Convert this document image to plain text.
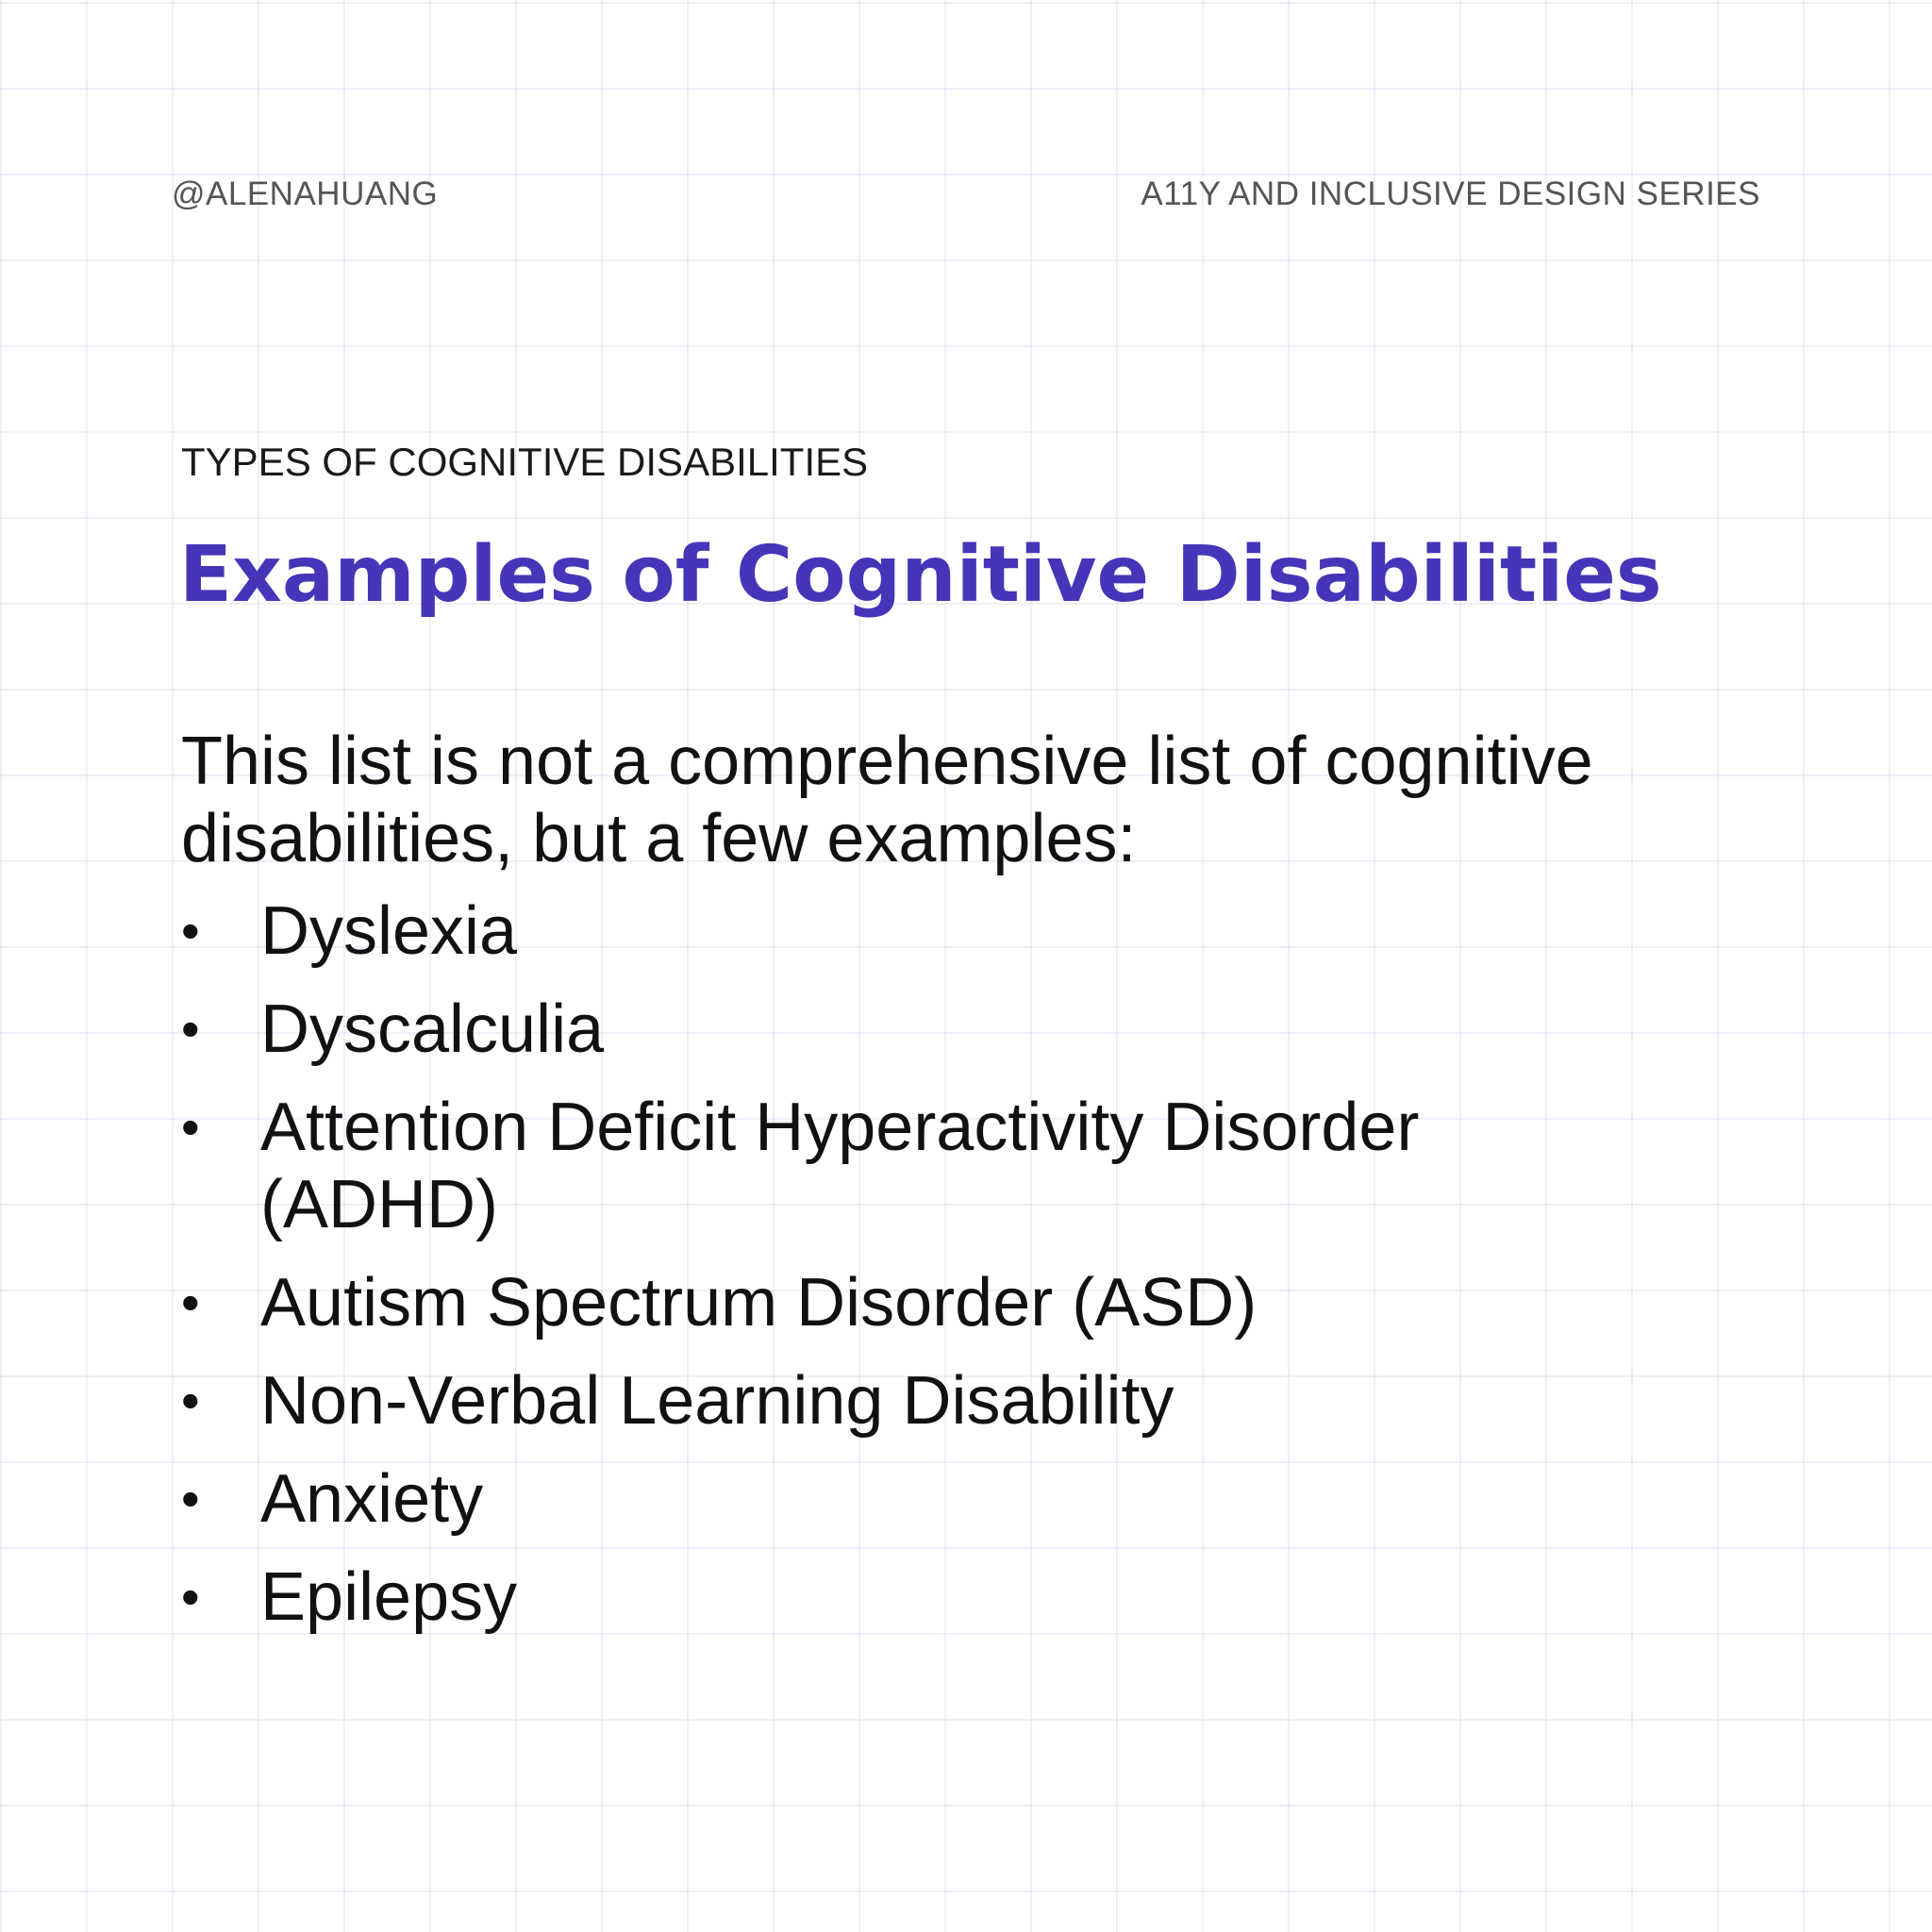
@ALENAHUANG	A11Y AND INCLUSIVE DESIGN SERIES
TYPES OF COGNITIVE DISABILITIES
Examples of Cognitive Disabilities
This list is not a comprehensive list of cognitive disabilities, but a few examples:
• Dyslexia
• Dyscalculia
• Attention Deficit Hyperactivity Disorder (ADHD)
• Autism Spectrum Disorder (ASD)
• Non-Verbal Learning Disability
• Anxiety
• Epilepsy
